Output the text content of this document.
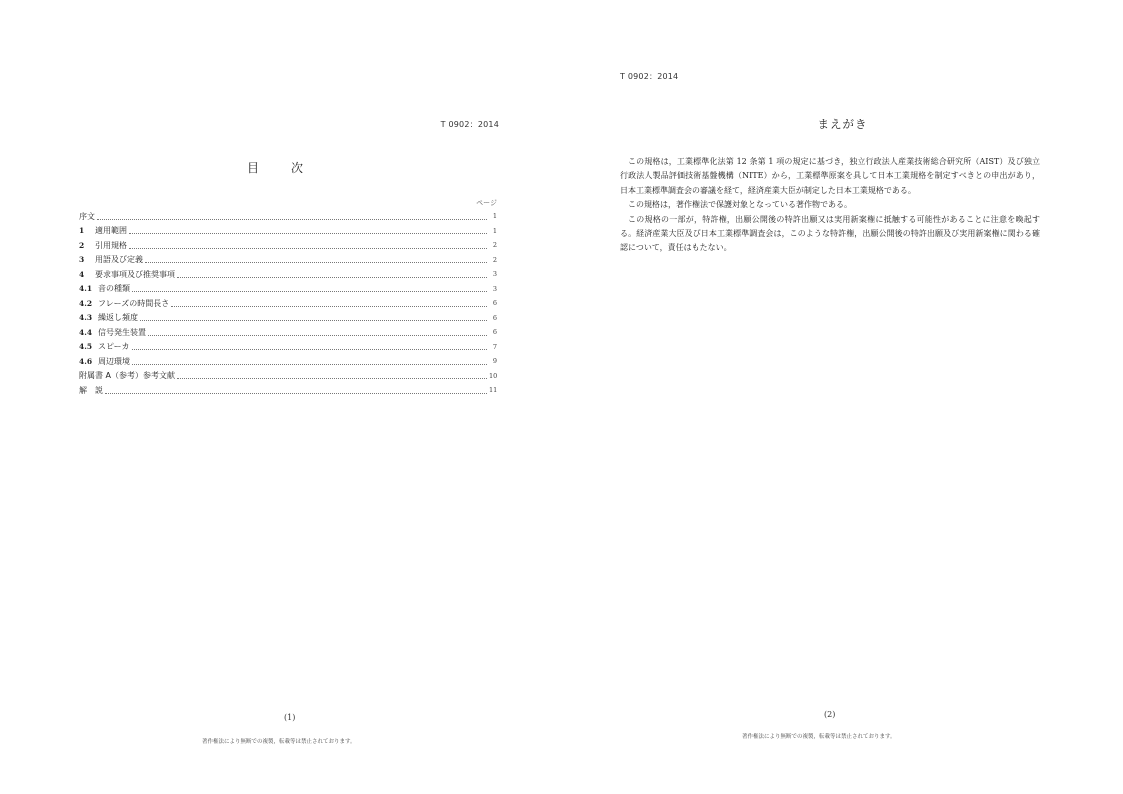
T 0902：2014
目　次
ページ
序文	1
1	適用範囲	1
2	引用規格	2
3	用語及び定義	2
4	要求事項及び推奨事項	3
4.1 音の種類	3
4.2 フレーズの時間長さ	6
4.3 繰返し頻度	6
4.4 信号発生装置	6
4.5 スピーカ	7
4.6 周辺環境	9
附属書 A（参考）参考文献	10
解　説	11
(1)
著作権法により無断での複製，転載等は禁止されております。
T 0902：2014
まえがき

この規格は，工業標準化法第 12 条第 1 項の規定に基づき，独立行政法人産業技術総合研究所（AIST）及び独立行政法人製品評価技術基盤機構（NITE）から，工業標準原案を具して日本工業規格を制定すべきとの申出があり，日本工業標準調査会の審議を経て，経済産業大臣が制定した日本工業規格である。

この規格は，著作権法で保護対象となっている著作物である。

この規格の一部が，特許権，出願公開後の特許出願又は実用新案権に抵触する可能性があることに注意を喚起する。経済産業大臣及び日本工業標準調査会は，このような特許権，出願公開後の特許出願及び実用新案権に関わる確認について，責任はもたない。

(2)
著作権法により無断での複製，転載等は禁止されております。
